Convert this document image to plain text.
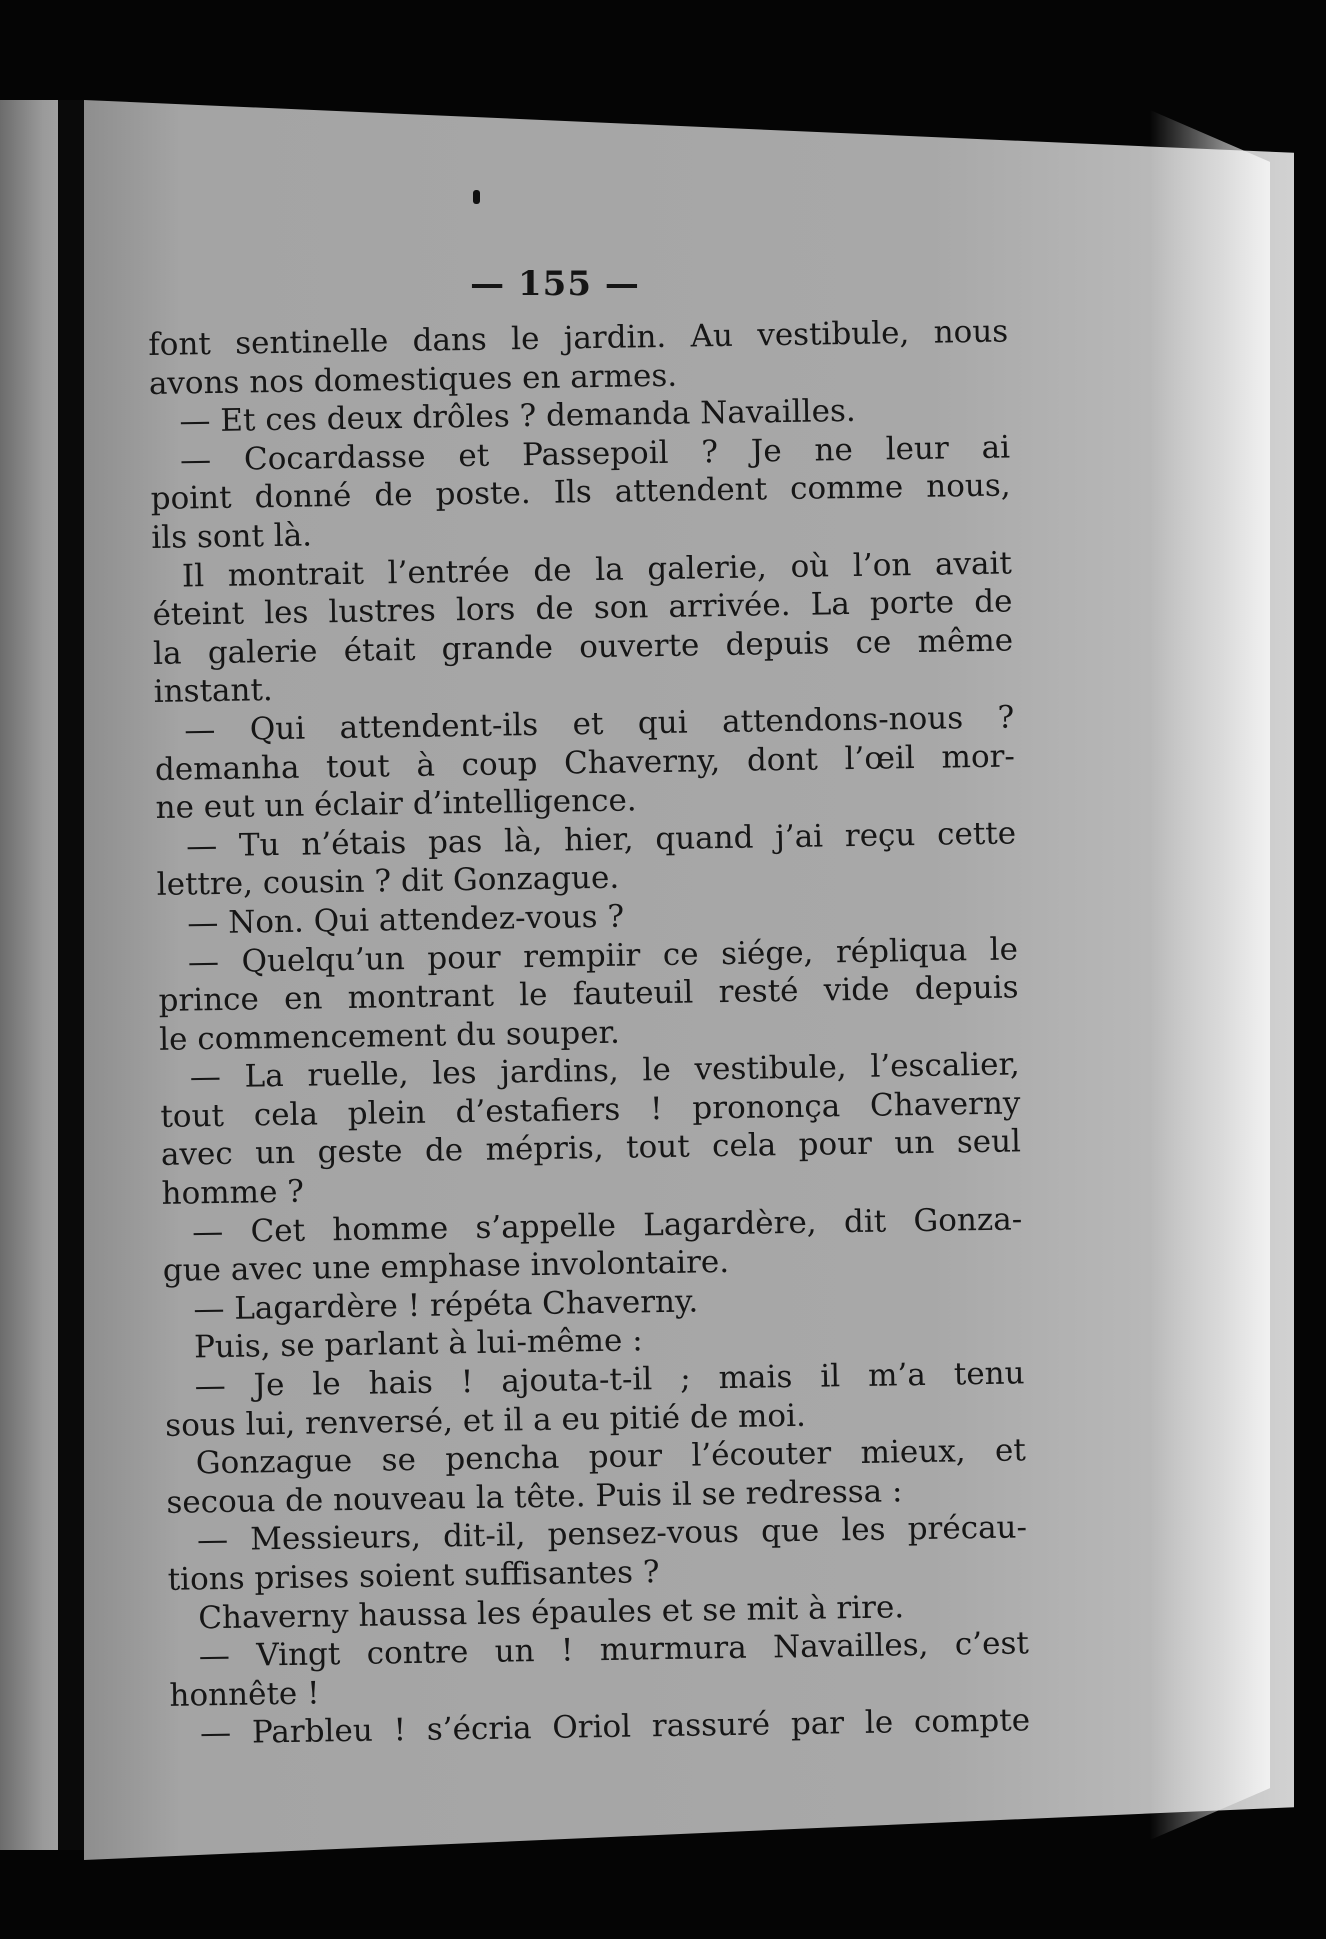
— 155 —
font sentinelle dans le jardin. Au vestibule, nous
avons nos domestiques en armes.
— Et ces deux drôles ? demanda Navailles.
— Cocardasse et Passepoil ? Je ne leur ai
point donné de poste. Ils attendent comme nous,
ils sont là.
Il montrait l’entrée de la galerie, où l’on avait
éteint les lustres lors de son arrivée. La porte de
la galerie était grande ouverte depuis ce même
instant.
— Qui attendent-ils et qui attendons-nous ?
demanha tout à coup Chaverny, dont l’œil mor-
ne eut un éclair d’intelligence.
— Tu n’étais pas là, hier, quand j’ai reçu cette
lettre, cousin ? dit Gonzague.
— Non. Qui attendez-vous ?
— Quelqu’un pour rempiir ce siége, répliqua le
prince en montrant le fauteuil resté vide depuis
le commencement du souper.
— La ruelle, les jardins, le vestibule, l’escalier,
tout cela plein d’estafiers ! prononça Chaverny
avec un geste de mépris, tout cela pour un seul
homme ?
— Cet homme s’appelle Lagardère, dit Gonza-
gue avec une emphase involontaire.
— Lagardère ! répéta Chaverny.
Puis, se parlant à lui-même :
— Je le hais ! ajouta-t-il ; mais il m’a tenu
sous lui, renversé, et il a eu pitié de moi.
Gonzague se pencha pour l’écouter mieux, et
secoua de nouveau la tête. Puis il se redressa :
— Messieurs, dit-il, pensez-vous que les précau-
tions prises soient suffisantes ?
Chaverny haussa les épaules et se mit à rire.
— Vingt contre un ! murmura Navailles, c’est
honnête !
— Parbleu ! s’écria Oriol rassuré par le compte
